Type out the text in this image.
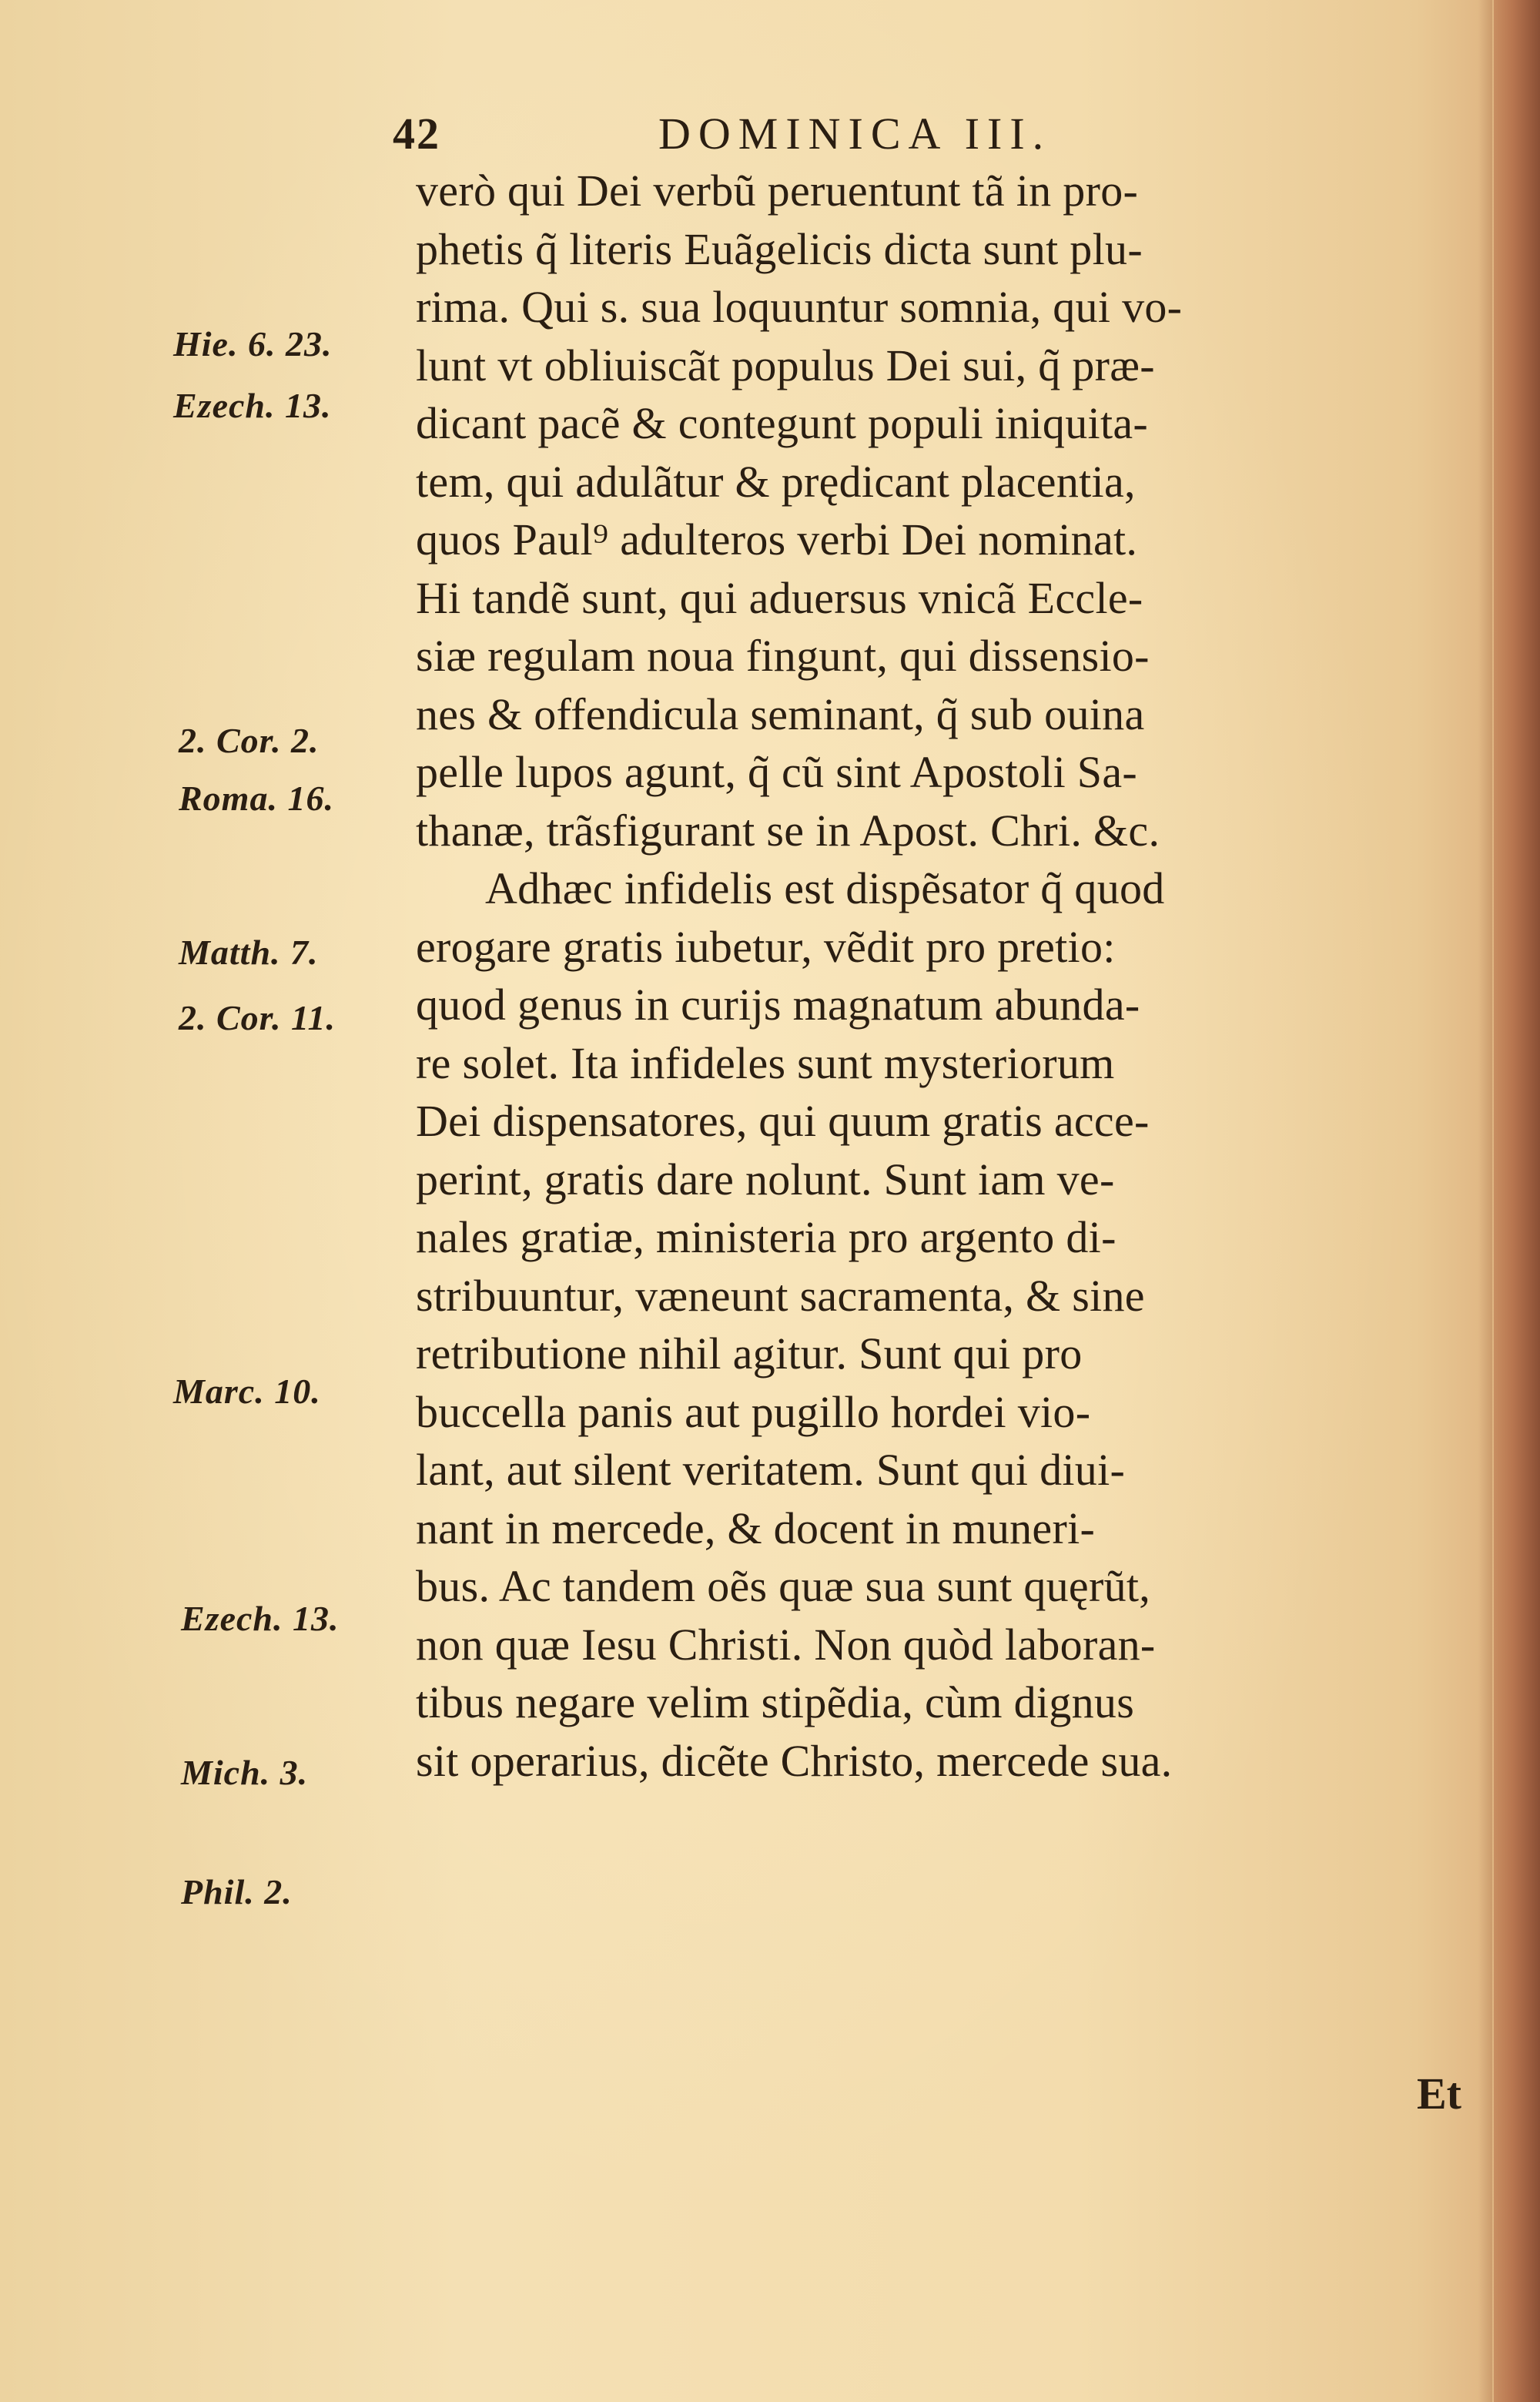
42	DOMINICA III.
Hie. 6. 23.
Ezech. 13.
2. Cor. 2.
Roma. 16.
Matth. 7.
2. Cor. 11.
Marc. 10.
Ezech. 13.
Mich. 3.
Phil. 2.
verò qui Dei verbũ peruentunt tã in pro-
phetis q̃ literis Euãgelicis dicta sunt plu-
rima. Qui s. sua loquuntur somnia, qui vo-
lunt vt obliuiscãt populus Dei sui, q̃ præ-
dicant pacẽ & contegunt populi iniquita-
tem, qui adulãtur & prędicant placentia,
quos Paul⁹ adulteros verbi Dei nominat.
Hi tandẽ sunt, qui aduersus vnicã Eccle-
siæ regulam noua fingunt, qui dissensio-
nes & offendicula seminant, q̃ sub ouina
pelle lupos agunt, q̃ cũ sint Apostoli Sa-
thanæ, trãsfigurant se in Apost. Chri. &c.
Adhæc infidelis est dispẽsator q̃ quod
erogare gratis iubetur, vẽdit pro pretio:
quod genus in curijs magnatum abunda-
re solet. Ita infideles sunt mysteriorum
Dei dispensatores, qui quum gratis acce-
perint, gratis dare nolunt. Sunt iam ve-
nales gratiæ, ministeria pro argento di-
stribuuntur, væneunt sacramenta, & sine
retributione nihil agitur. Sunt qui pro
buccella panis aut pugillo hordei vio-
lant, aut silent veritatem. Sunt qui diui-
nant in mercede, & docent in muneri-
bus. Ac tandem oẽs quæ sua sunt quęrũt,
non quæ Iesu Christi. Non quòd laboran-
tibus negare velim stipẽdia, cùm dignus
sit operarius, dicẽte Christo, mercede sua.
Et
